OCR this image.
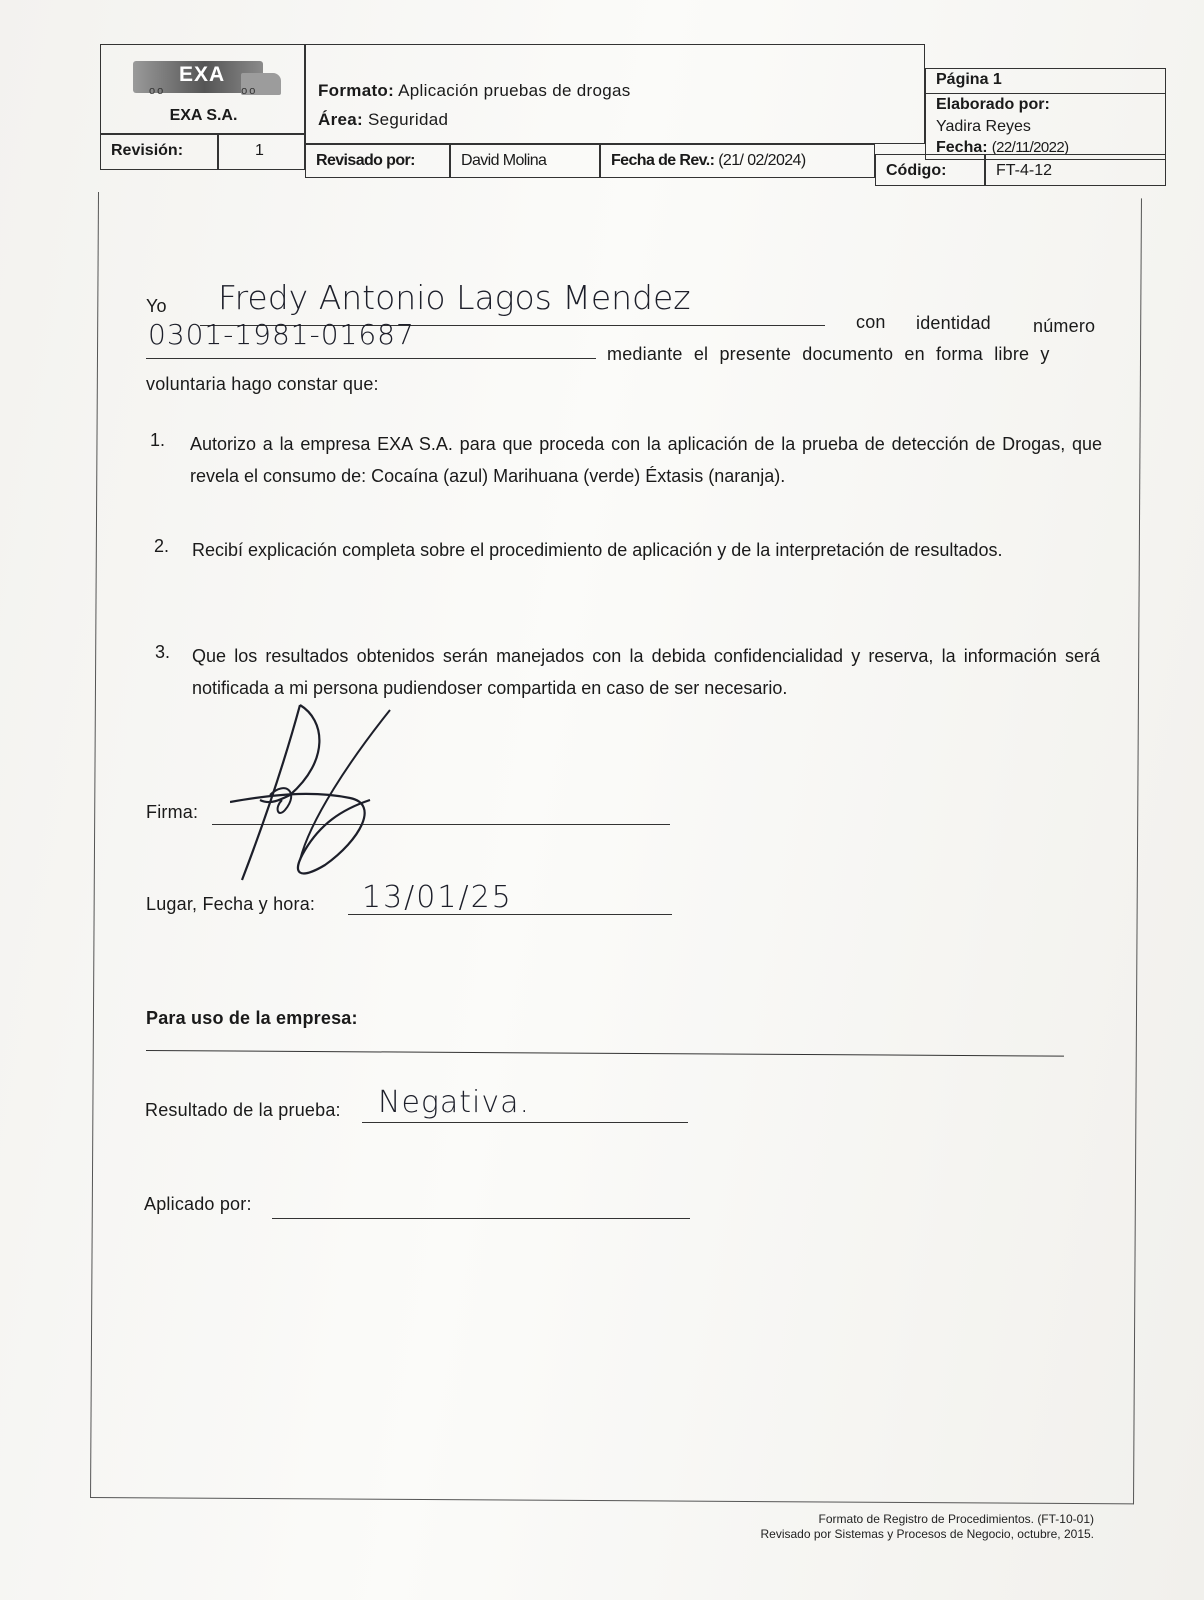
EXA
oo               oo
EXA S.A.
Formato: Aplicación pruebas de drogas
Área: Seguridad
Página 1
Elaborado por:
Yadira Reyes
Fecha: (22/11/2022)
Revisión:	1
Revisado por:	David Molina	Fecha de Rev.: (21/ 02/2024)
Código:	FT-4-12
Yo Fredy Antonio Lagos Mendez
con identidad número
0301-1981-01687
mediante el presente documento en forma libre y
voluntaria hago constar que:
1. Autorizo a la empresa EXA S.A. para que proceda con la aplicación de la prueba de detección de Drogas, que revela el consumo de: Cocaína (azul) Marihuana (verde) Éxtasis (naranja).
2. Recibí explicación completa sobre el procedimiento de aplicación y de la interpretación de resultados.
3. Que los resultados obtenidos serán manejados con la debida confidencialidad y reserva, la información será notificada a mi persona pudiendoser compartida en caso de ser necesario.
Firma:
Lugar, Fecha y hora: 13/01/25
Para uso de la empresa:
Resultado de la prueba: Negativa.
Aplicado por:
Formato de Registro de Procedimientos. (FT-10-01)
Revisado por Sistemas y Procesos de Negocio, octubre, 2015.
